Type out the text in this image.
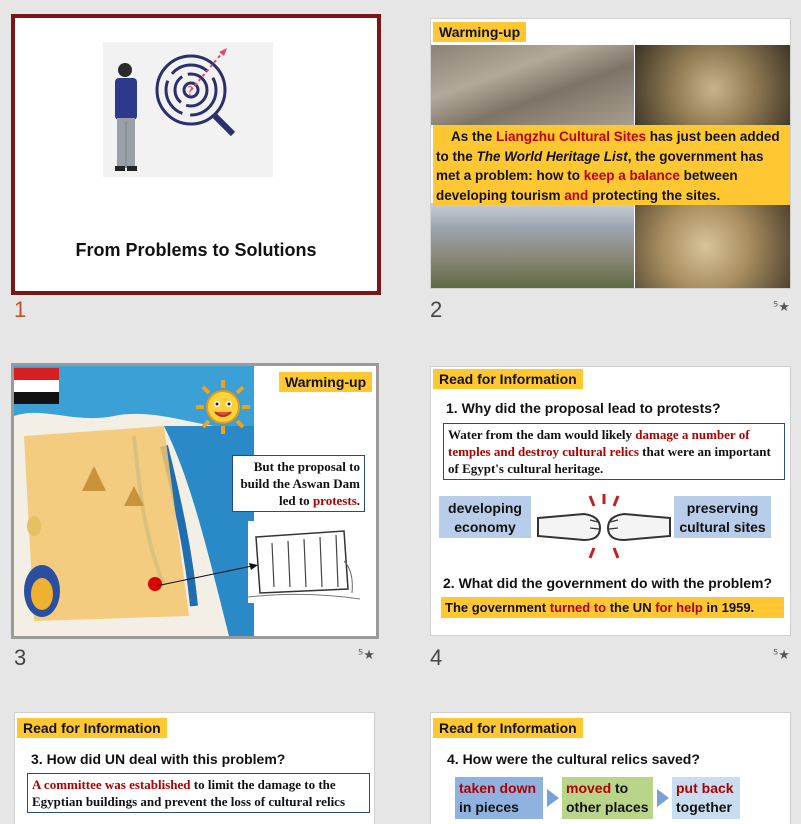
?
From Problems to Solutions
1
Warming-up
As the Liangzhu Cultural Sites has just been added to the The World Heritage List, the government has met a problem: how to keep a balance between developing tourism and protecting the sites.
2	⁵★
Warming-up
But the proposal to build the Aswan Dam led to protests.
3	⁵★
Read for Information
1. Why did the proposal lead to protests?
Water from the dam would likely damage a number of temples and destroy cultural relics that were an important of Egypt's cultural heritage.
developing economy
preserving cultural sites
2. What did the government do with the problem?
The government turned to the UN for help in 1959.
4	⁵★
Read for Information
3. How did UN deal with this problem?
A committee was established to limit the damage to the Egyptian buildings and prevent the loss of cultural relics
Read for Information
4. How were the cultural relics saved?
taken down
in pieces
moved to other places
put back
together
